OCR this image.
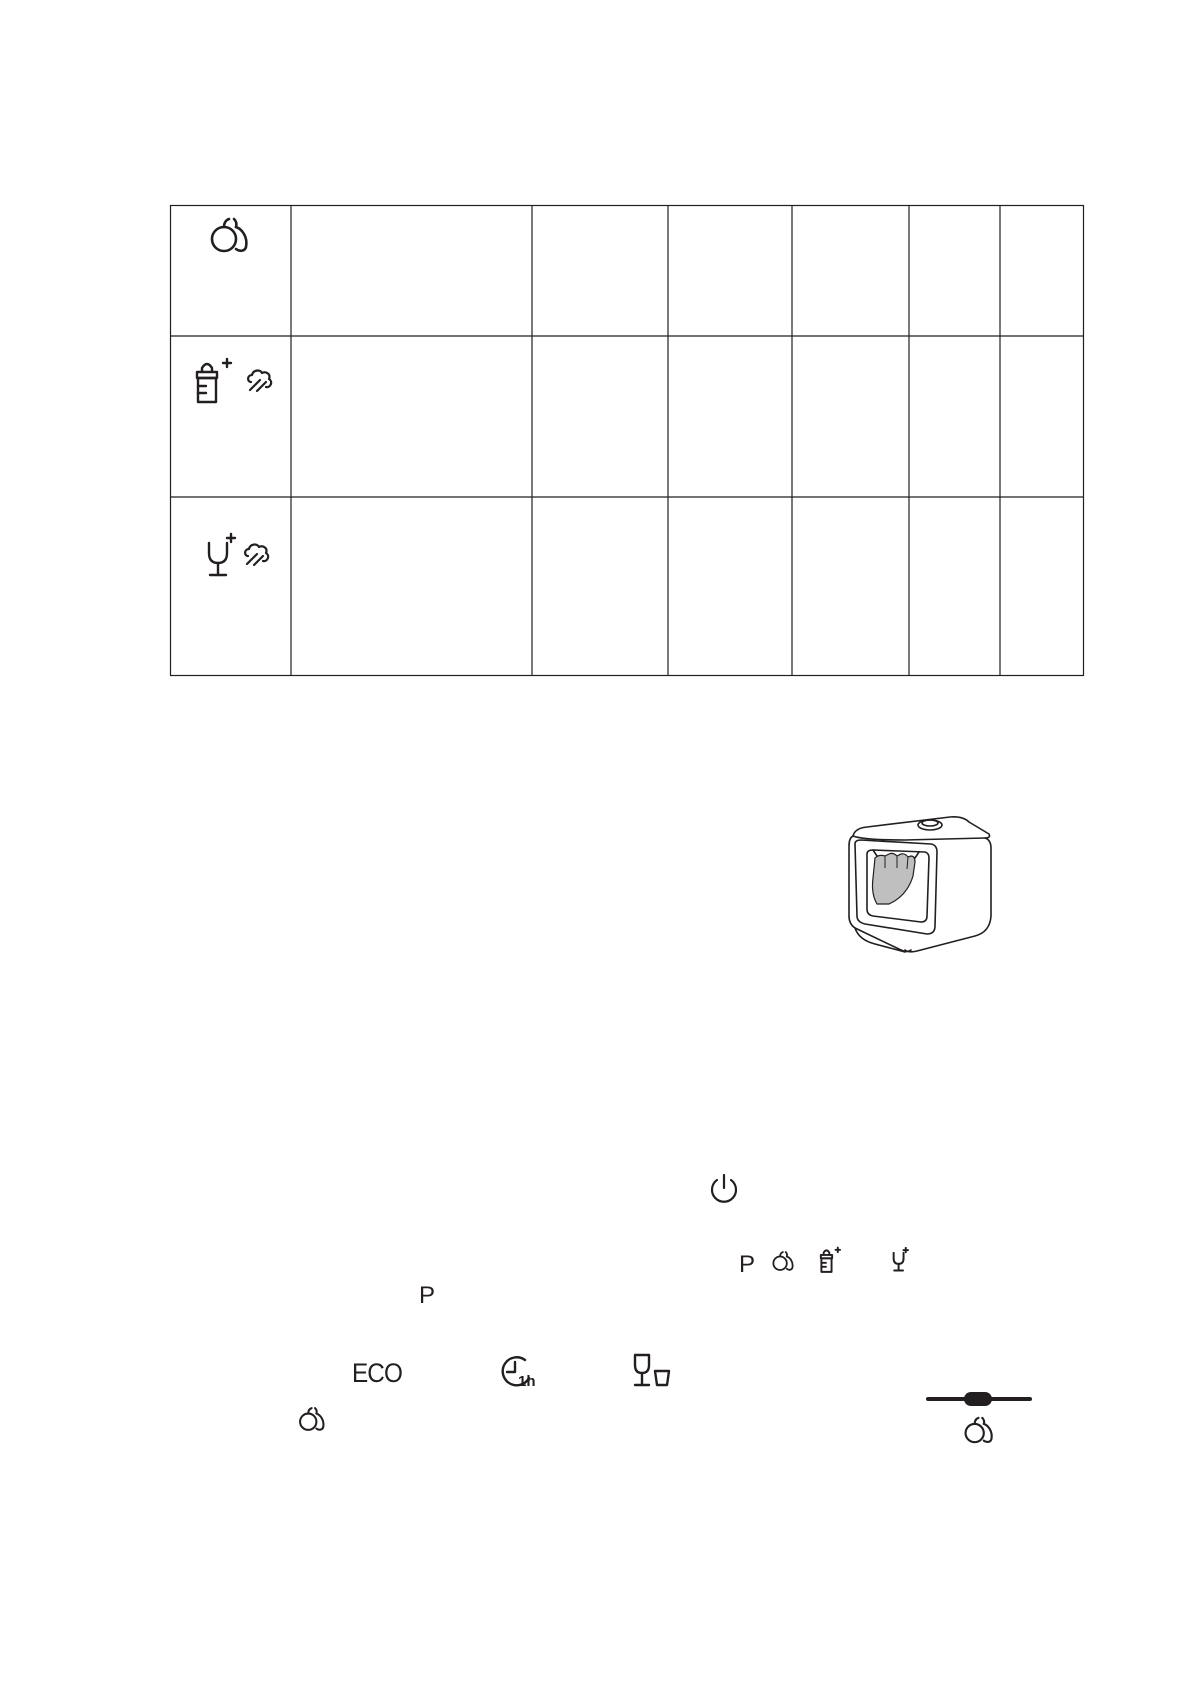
P
P
ECO	1h
